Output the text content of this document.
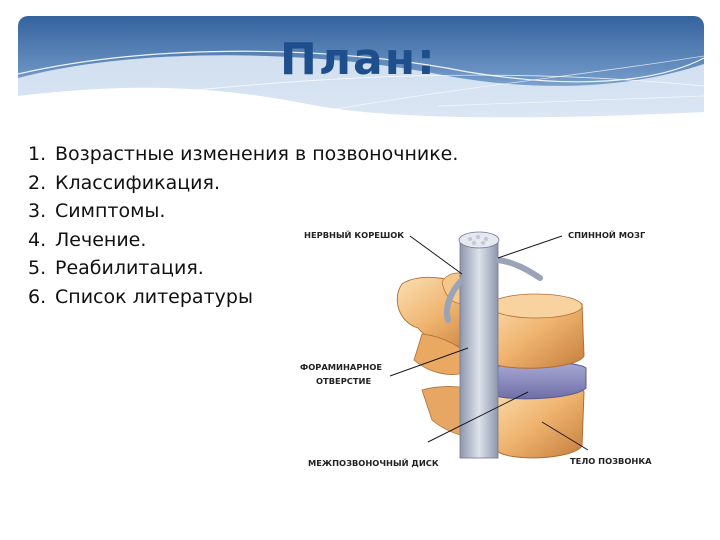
План:
1. Возрастные изменения в позвоночнике.
2. Классификация.
3. Симптомы.
4. Лечение.
5. Реабилитация.
6. Список литературы
НЕРВНЫЙ КОРЕШОК	СПИННОЙ МОЗГ
ФОРАМИНАРНОЕ
ОТВЕРСТИЕ
МЕЖПОЗВОНОЧНЫЙ ДИСК	ТЕЛО ПОЗВОНКА
